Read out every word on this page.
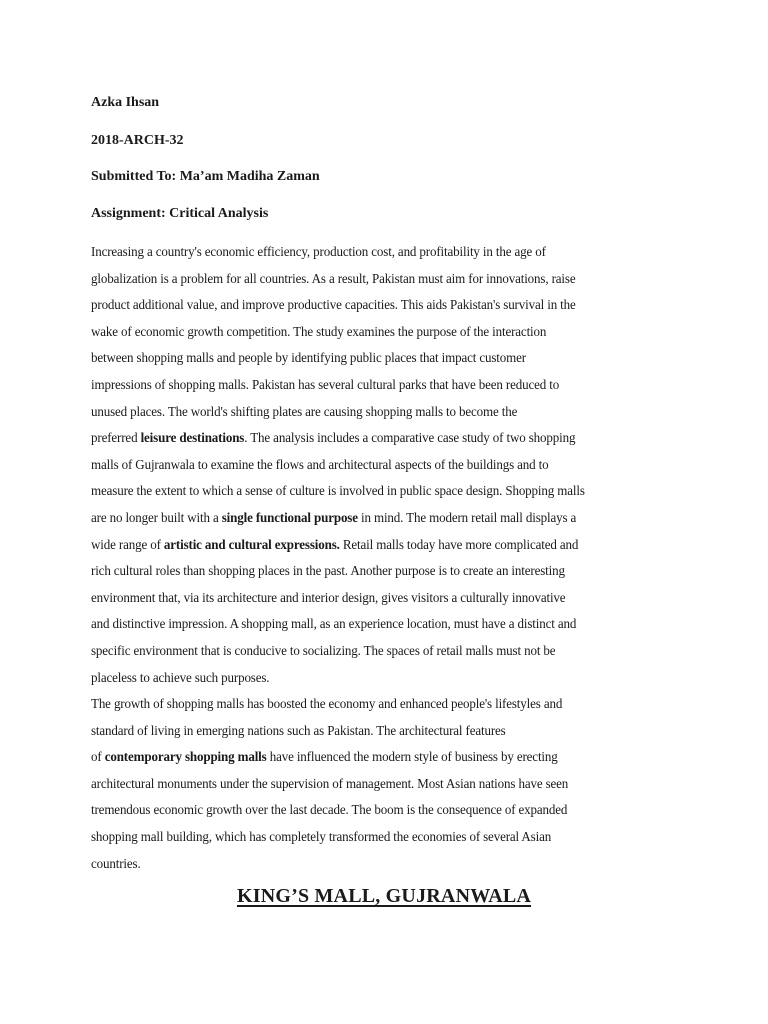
Azka Ihsan
2018-ARCH-32
Submitted To: Ma’am Madiha Zaman
Assignment: Critical Analysis

Increasing a country's economic efficiency, production cost, and profitability in the age of
globalization is a problem for all countries. As a result, Pakistan must aim for innovations, raise
product additional value, and improve productive capacities. This aids Pakistan's survival in the
wake of economic growth competition. The study examines the purpose of the interaction
between shopping malls and people by identifying public places that impact customer
impressions of shopping malls. Pakistan has several cultural parks that have been reduced to
unused places. The world's shifting plates are causing shopping malls to become the
preferred leisure destinations. The analysis includes a comparative case study of two shopping
malls of Gujranwala to examine the flows and architectural aspects of the buildings and to
measure the extent to which a sense of culture is involved in public space design. Shopping malls
are no longer built with a single functional purpose in mind. The modern retail mall displays a
wide range of artistic and cultural expressions. Retail malls today have more complicated and
rich cultural roles than shopping places in the past. Another purpose is to create an interesting
environment that, via its architecture and interior design, gives visitors a culturally innovative
and distinctive impression. A shopping mall, as an experience location, must have a distinct and
specific environment that is conducive to socializing. The spaces of retail malls must not be
placeless to achieve such purposes.

The growth of shopping malls has boosted the economy and enhanced people's lifestyles and
standard of living in emerging nations such as Pakistan. The architectural features
of contemporary shopping malls have influenced the modern style of business by erecting
architectural monuments under the supervision of management. Most Asian nations have seen
tremendous economic growth over the last decade. The boom is the consequence of expanded
shopping mall building, which has completely transformed the economies of several Asian
countries.

KING’S MALL, GUJRANWALA
